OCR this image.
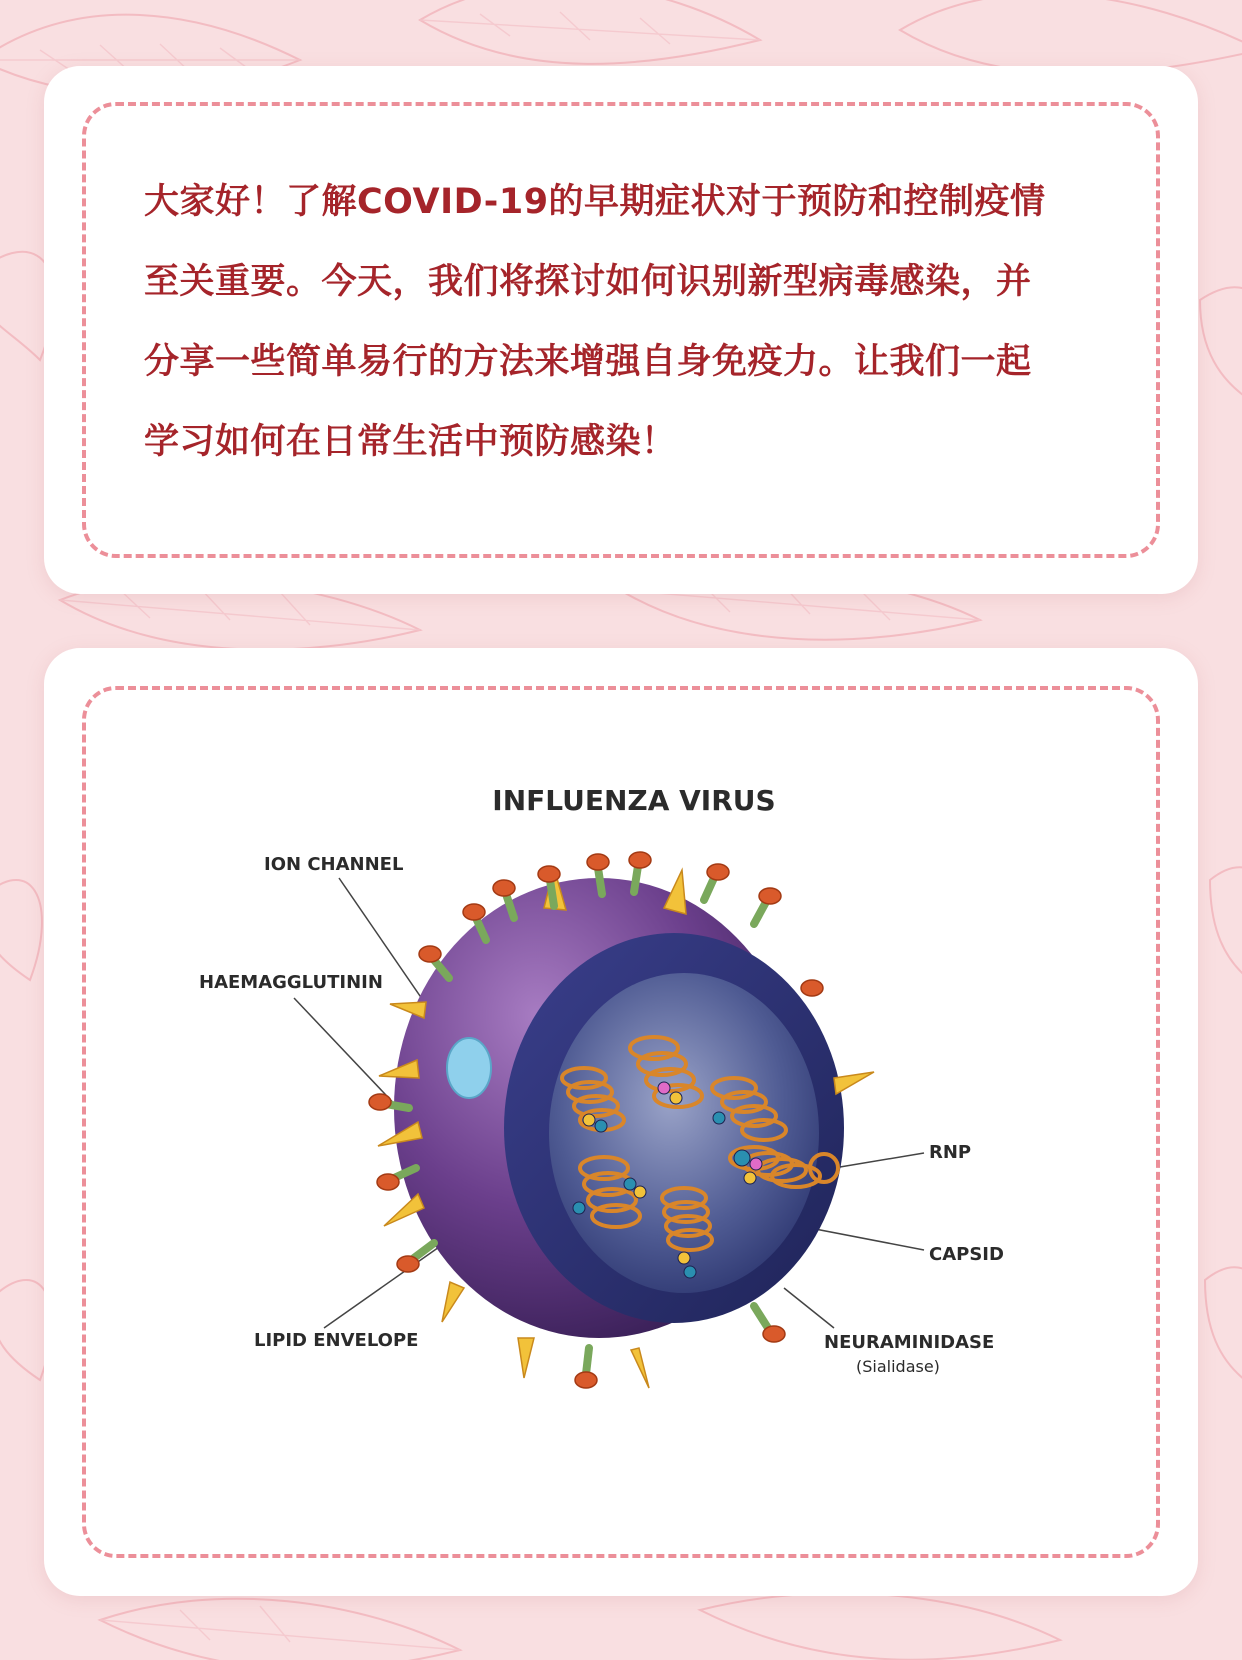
大家好！了解COVID-19的早期症状对于预防和控制疫情
至关重要。今天，我们将探讨如何识别新型病毒感染，并
分享一些简单易行的方法来增强自身免疫力。让我们一起
学习如何在日常生活中预防感染！
INFLUENZA VIRUS
ION CHANNEL
HAEMAGGLUTININ
LIPID ENVELOPE
RNP
CAPSID
NEURAMINIDASE
(Sialidase)
